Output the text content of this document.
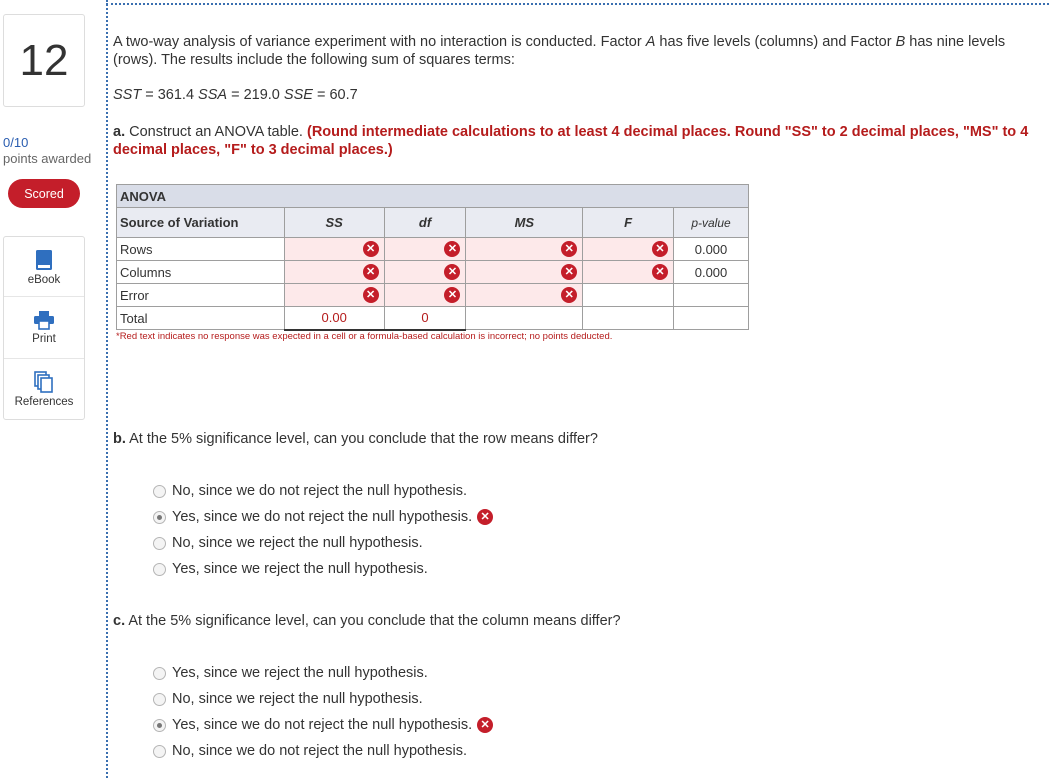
12
0/10
points awarded
Scored
eBook
Print
References
A two-way analysis of variance experiment with no interaction is conducted. Factor A has five levels (columns) and Factor B has nine levels (rows). The results include the following sum of squares terms:
SST = 361.4 SSA = 219.0 SSE = 60.7
a. Construct an ANOVA table. (Round intermediate calculations to at least 4 decimal places. Round "SS" to 2 decimal places, "MS" to 4 decimal places, "F" to 3 decimal places.)
ANOVA					
Source of Variation	SS	df	MS	F	p-value
Rows	✕	✕	✕	✕	0.000
Columns	✕	✕	✕	✕	0.000
Error	✕	✕	✕		

Total	0.00	0			
*Red text indicates no response was expected in a cell or a formula-based calculation is incorrect; no points deducted.
b. At the 5% significance level, can you conclude that the row means differ?
No, since we do not reject the null hypothesis.
Yes, since we do not reject the null hypothesis. ✕
No, since we reject the null hypothesis.
Yes, since we reject the null hypothesis.
c. At the 5% significance level, can you conclude that the column means differ?
Yes, since we reject the null hypothesis.
No, since we reject the null hypothesis.
Yes, since we do not reject the null hypothesis. ✕
No, since we do not reject the null hypothesis.
